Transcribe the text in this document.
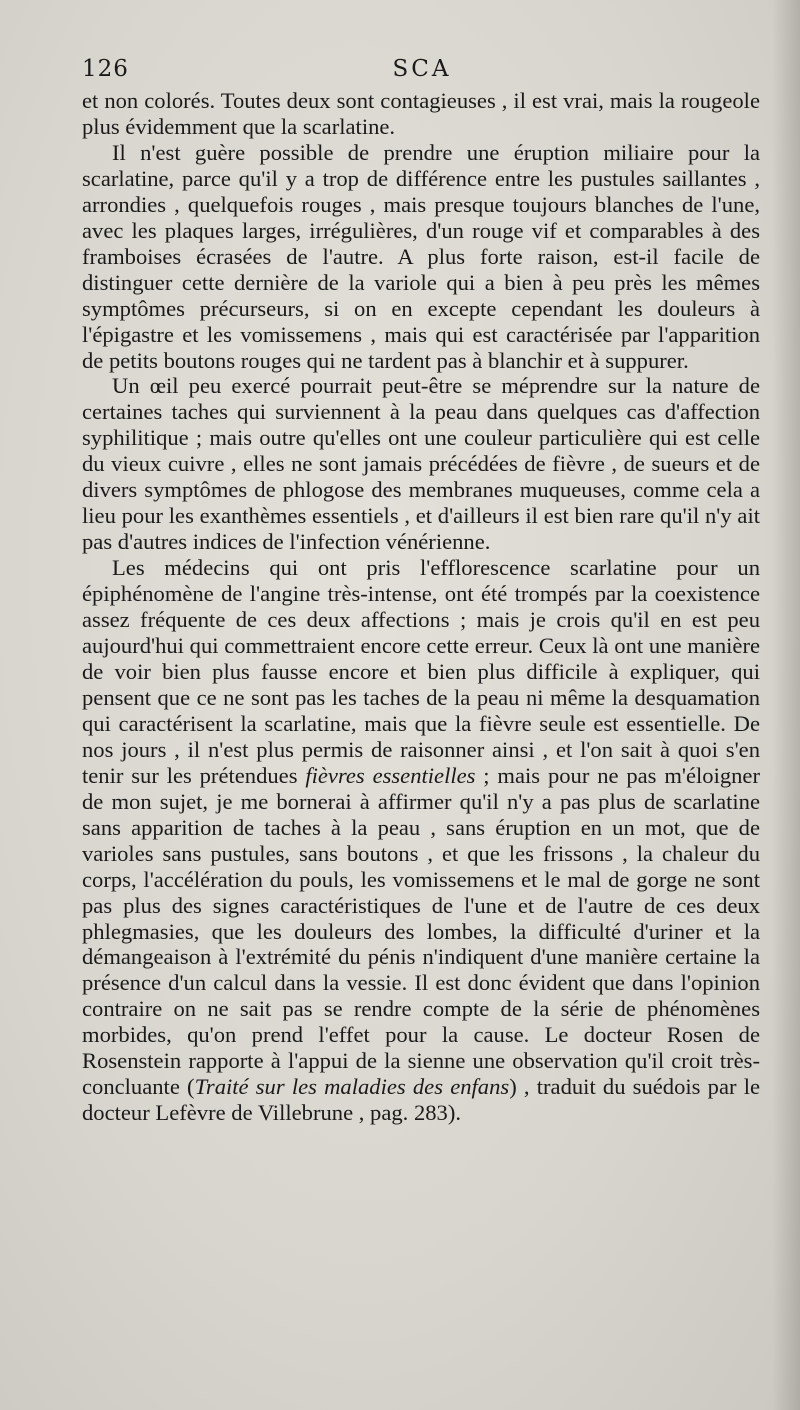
126	SCA

et non colorés. Toutes deux sont contagieuses , il est vrai, mais la rougeole plus évidemment que la scarlatine.

Il n'est guère possible de prendre une éruption miliaire pour la scarlatine, parce qu'il y a trop de différence entre les pustules saillantes , arrondies , quelquefois rouges , mais presque toujours blanches de l'une, avec les plaques larges, irrégulières, d'un rouge vif et comparables à des framboises écrasées de l'autre. A plus forte raison, est-il facile de distinguer cette dernière de la variole qui a bien à peu près les mêmes symptômes précurseurs, si on en excepte cependant les douleurs à l'épigastre et les vomissemens , mais qui est caractérisée par l'apparition de petits boutons rouges qui ne tardent pas à blanchir et à suppurer.

Un œil peu exercé pourrait peut-être se méprendre sur la nature de certaines taches qui surviennent à la peau dans quelques cas d'affection syphilitique ; mais outre qu'elles ont une couleur particulière qui est celle du vieux cuivre , elles ne sont jamais précédées de fièvre , de sueurs et de divers symptômes de phlogose des membranes muqueuses, comme cela a lieu pour les exanthèmes essentiels , et d'ailleurs il est bien rare qu'il n'y ait pas d'autres indices de l'infection vénérienne.

Les médecins qui ont pris l'efflorescence scarlatine pour un épiphénomène de l'angine très-intense, ont été trompés par la coexistence assez fréquente de ces deux affections ; mais je crois qu'il en est peu aujourd'hui qui commettraient encore cette erreur. Ceux là ont une manière de voir bien plus fausse encore et bien plus difficile à expliquer, qui pensent que ce ne sont pas les taches de la peau ni même la desquamation qui caractérisent la scarlatine, mais que la fièvre seule est essentielle. De nos jours , il n'est plus permis de raisonner ainsi , et l'on sait à quoi s'en tenir sur les prétendues fièvres essentielles ; mais pour ne pas m'éloigner de mon sujet, je me bornerai à affirmer qu'il n'y a pas plus de scarlatine sans apparition de taches à la peau , sans éruption en un mot, que de varioles sans pustules, sans boutons , et que les frissons , la chaleur du corps, l'accélération du pouls, les vomissemens et le mal de gorge ne sont pas plus des signes caractéristiques de l'une et de l'autre de ces deux phlegmasies, que les douleurs des lombes, la difficulté d'uriner et la démangeaison à l'extrémité du pénis n'indiquent d'une manière certaine la présence d'un calcul dans la vessie. Il est donc évident que dans l'opinion contraire on ne sait pas se rendre compte de la série de phénomènes morbides, qu'on prend l'effet pour la cause. Le docteur Rosen de Rosenstein rapporte à l'appui de la sienne une observation qu'il croit très-concluante (Traité sur les maladies des enfans) , traduit du suédois par le docteur Lefèvre de Villebrune , pag. 283).
